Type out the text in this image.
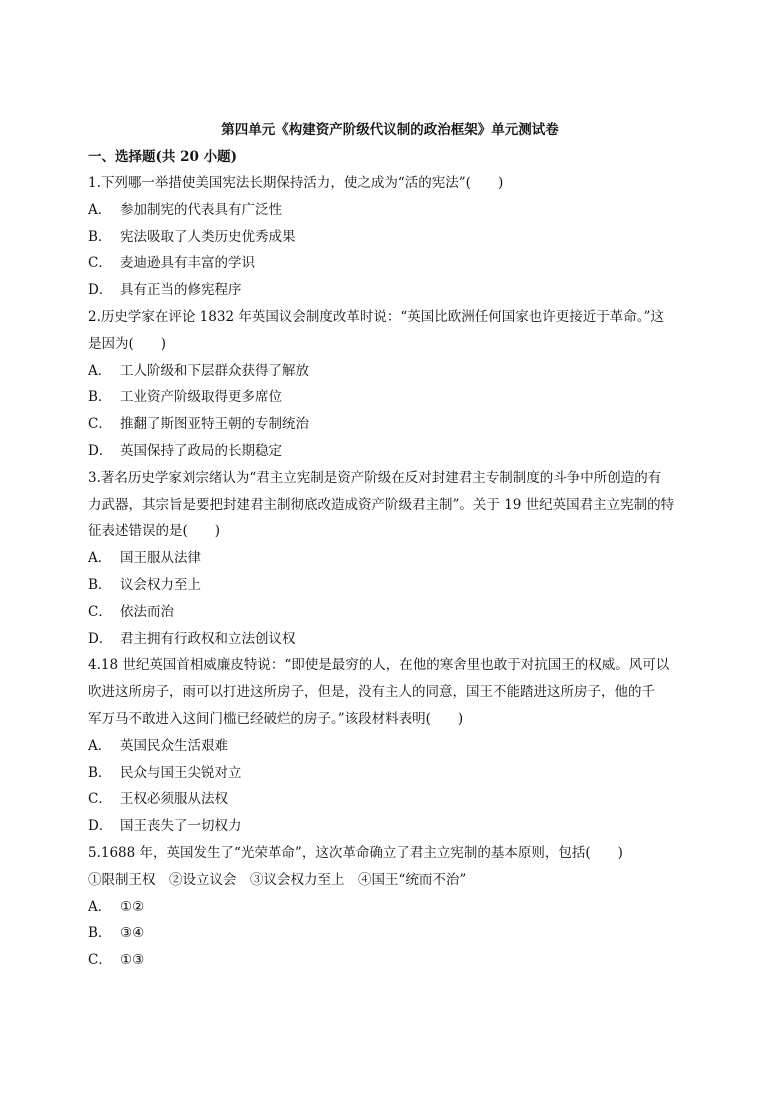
第四单元《构建资产阶级代议制的政治框架》单元测试卷
一、选择题(共 20 小题)
1.下列哪一举措使美国宪法长期保持活力，使之成为“活的宪法”(　　)
A． 参加制宪的代表具有广泛性
B． 宪法吸取了人类历史优秀成果
C． 麦迪逊具有丰富的学识
D． 具有正当的修宪程序
2.历史学家在评论 1832 年英国议会制度改革时说：“英国比欧洲任何国家也许更接近于革命。”这
是因为(　　)
A． 工人阶级和下层群众获得了解放
B． 工业资产阶级取得更多席位
C． 推翻了斯图亚特王朝的专制统治
D． 英国保持了政局的长期稳定
3.著名历史学家刘宗绪认为“君主立宪制是资产阶级在反对封建君主专制制度的斗争中所创造的有
力武器，其宗旨是要把封建君主制彻底改造成资产阶级君主制”。关于 19 世纪英国君主立宪制的特
征表述错误的是(　　)
A． 国王服从法律
B． 议会权力至上
C． 依法而治
D． 君主拥有行政权和立法创议权
4.18 世纪英国首相威廉皮特说：“即使是最穷的人，在他的寒舍里也敢于对抗国王的权威。风可以
吹进这所房子，雨可以打进这所房子，但是，没有主人的同意，国王不能踏进这所房子，他的千
军万马不敢进入这间门槛已经破烂的房子。”该段材料表明(　　)
A． 英国民众生活艰难
B． 民众与国王尖锐对立
C． 王权必须服从法权
D． 国王丧失了一切权力
5.1688 年，英国发生了“光荣革命”，这次革命确立了君主立宪制的基本原则，包括(　　)
①限制王权　②设立议会　③议会权力至上　④国王“统而不治”
A． ①②
B． ③④
C． ①③
